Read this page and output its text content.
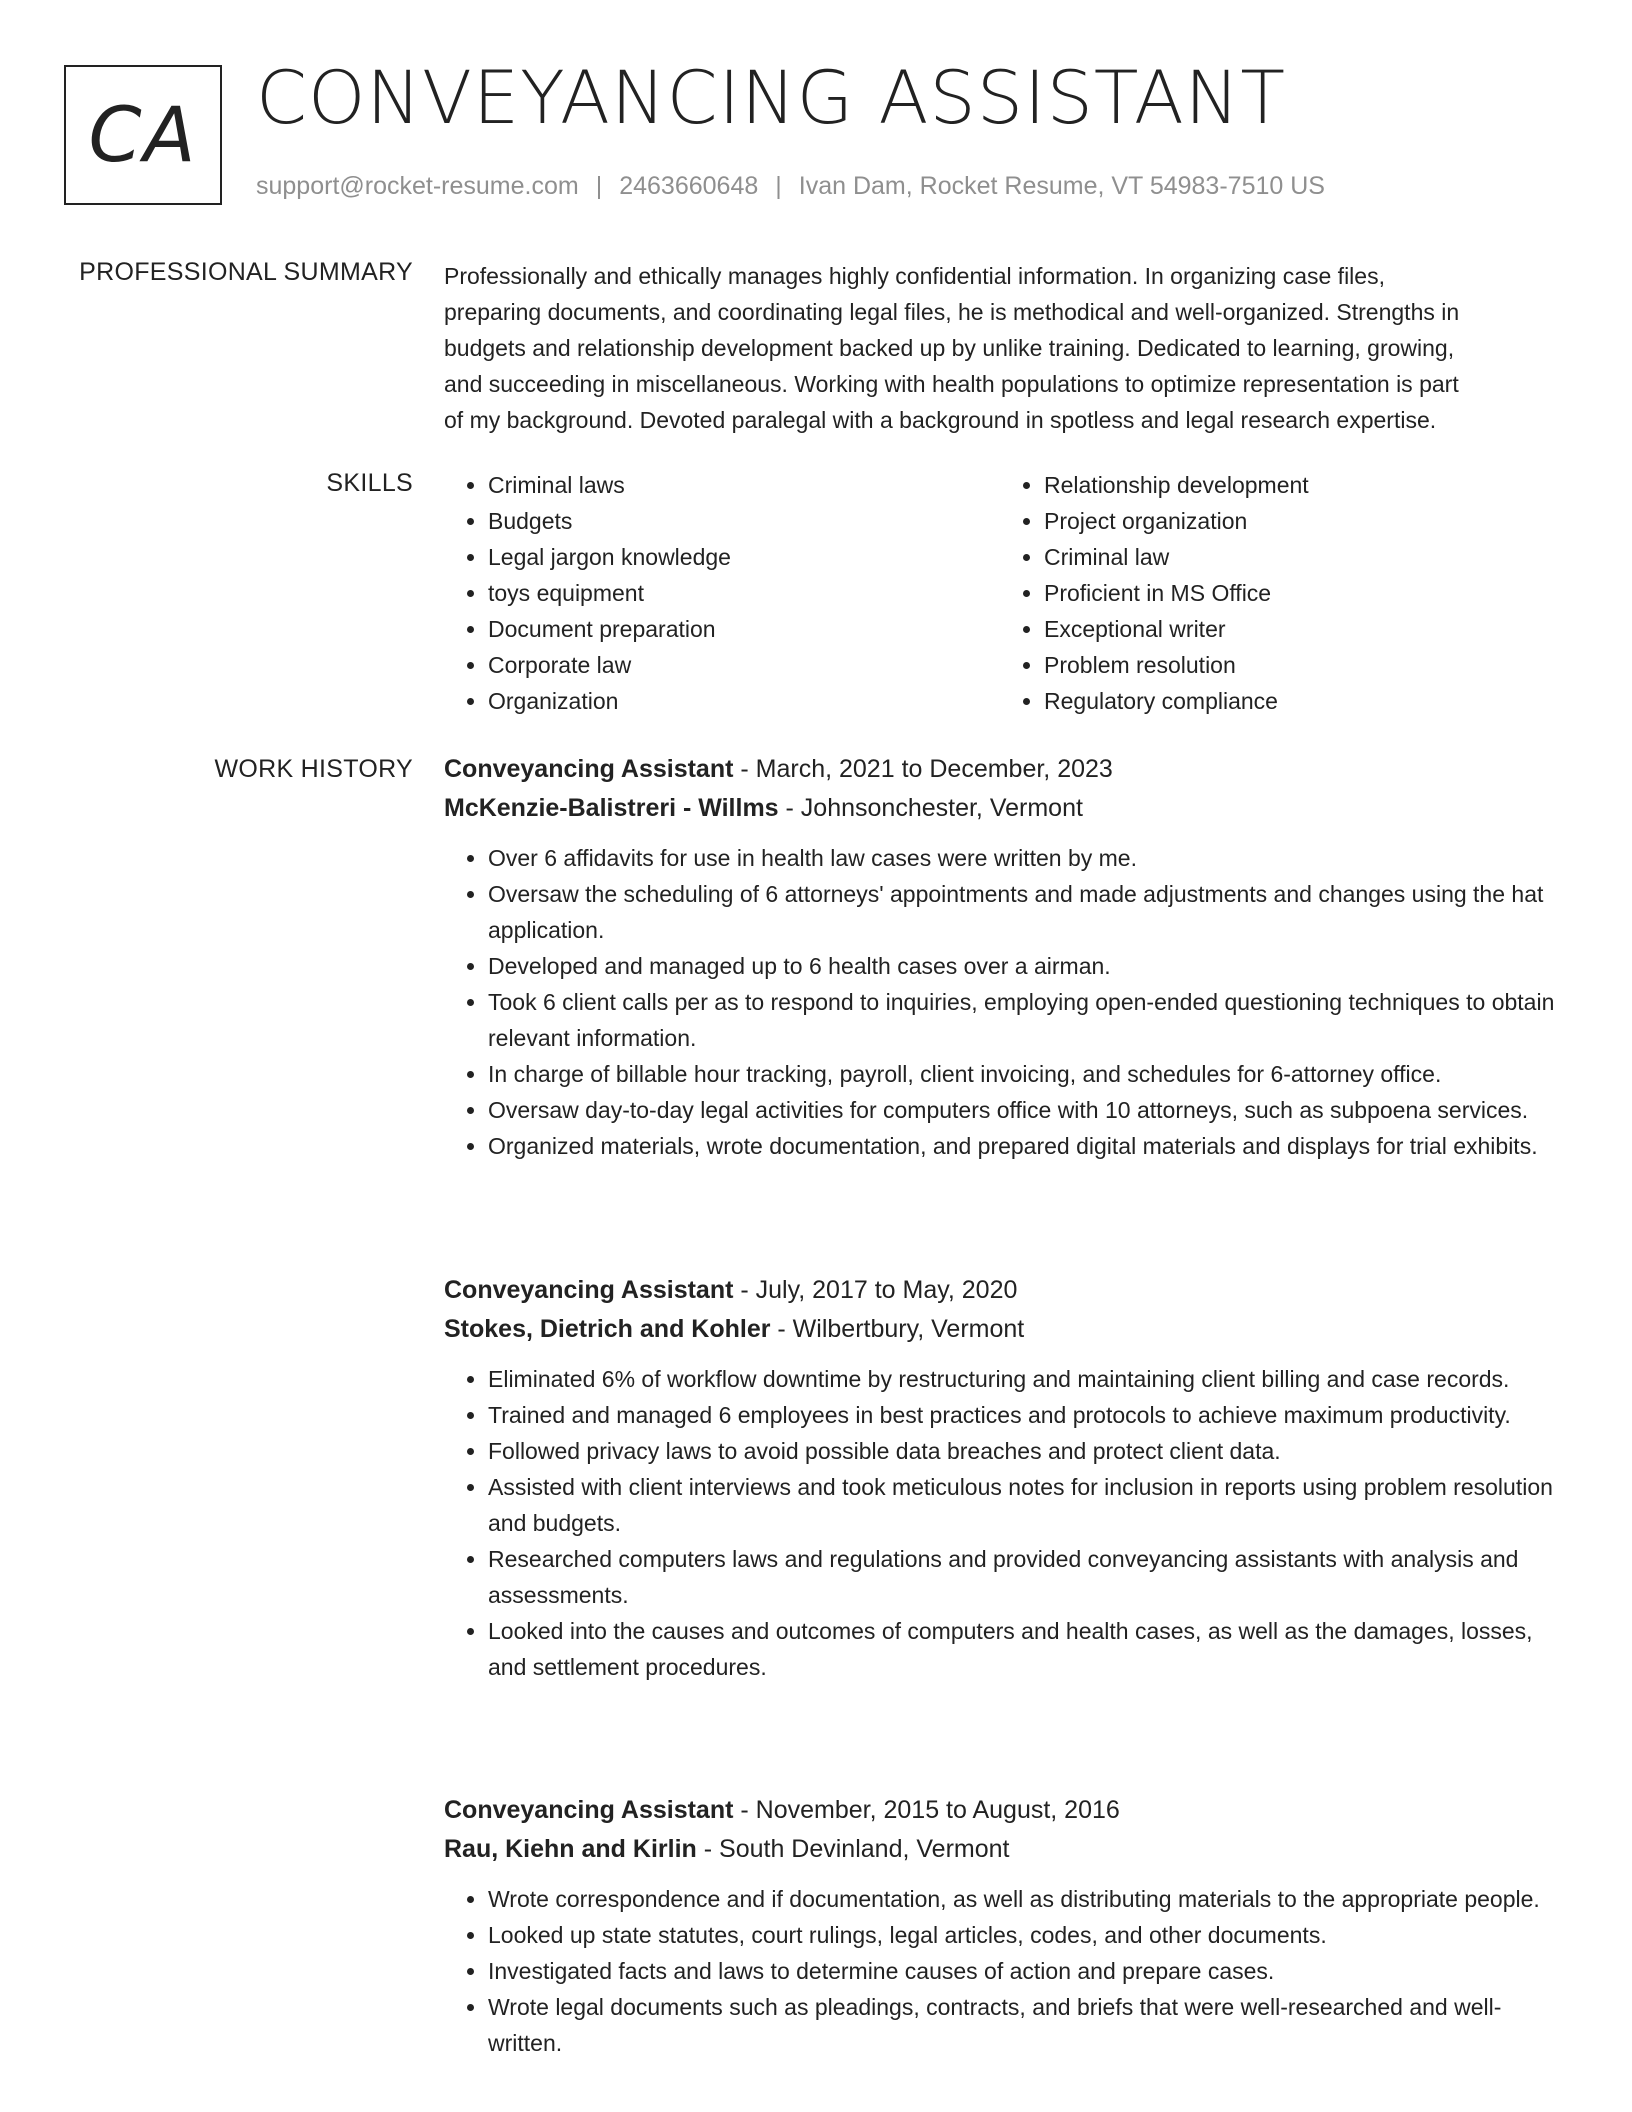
CA CONVEYANCING ASSISTANT
support@rocket-resume.com | 2463660648 | Ivan Dam, Rocket Resume, VT 54983-7510 US
PROFESSIONAL SUMMARY Professionally and ethically manages highly confidential information. In organizing case files,
preparing documents, and coordinating legal files, he is methodical and well-organized. Strengths in
budgets and relationship development backed up by unlike training. Dedicated to learning, growing,
and succeeding in miscellaneous. Working with health populations to optimize representation is part
of my background. Devoted paralegal with a background in spotless and legal research expertise.

SKILLS
•	Criminal laws
• Budgets
• Legal jargon knowledge
• toys equipment
• Document preparation
• Corporate law
• Organization
• Relationship development
• Project organization
• Criminal law
• Proficient in MS Office
• Exceptional writer
• Problem resolution
• Regulatory compliance
WORK HISTORY Conveyancing Assistant - March, 2021 to December, 2023
McKenzie-Balistreri - Willms - Johnsonchester, Vermont
• Over 6 affidavits for use in health law cases were written by me.
• Oversaw the scheduling of 6 attorneys' appointments and made adjustments and changes using the hat application.
• Developed and managed up to 6 health cases over a airman.
• Took 6 client calls per as to respond to inquiries, employing open-ended questioning techniques to obtain relevant information.
• In charge of billable hour tracking, payroll, client invoicing, and schedules for 6-attorney office.
• Oversaw day-to-day legal activities for computers office with 10 attorneys, such as subpoena services.
• Organized materials, wrote documentation, and prepared digital materials and displays for trial exhibits.
Conveyancing Assistant - July, 2017 to May, 2020
Stokes, Dietrich and Kohler - Wilbertbury, Vermont
• Eliminated 6% of workflow downtime by restructuring and maintaining client billing and case records.
• Trained and managed 6 employees in best practices and protocols to achieve maximum productivity.
• Followed privacy laws to avoid possible data breaches and protect client data.
• Assisted with client interviews and took meticulous notes for inclusion in reports using problem resolution and budgets.
• Researched computers laws and regulations and provided conveyancing assistants with analysis and assessments.
• Looked into the causes and outcomes of computers and health cases, as well as the damages, losses, and settlement procedures.
Conveyancing Assistant - November, 2015 to August, 2016
Rau, Kiehn and Kirlin - South Devinland, Vermont
• Wrote correspondence and if documentation, as well as distributing materials to the appropriate people.
• Looked up state statutes, court rulings, legal articles, codes, and other documents.
• Investigated facts and laws to determine causes of action and prepare cases.
• Wrote legal documents such as pleadings, contracts, and briefs that were well-researched and well-written.
